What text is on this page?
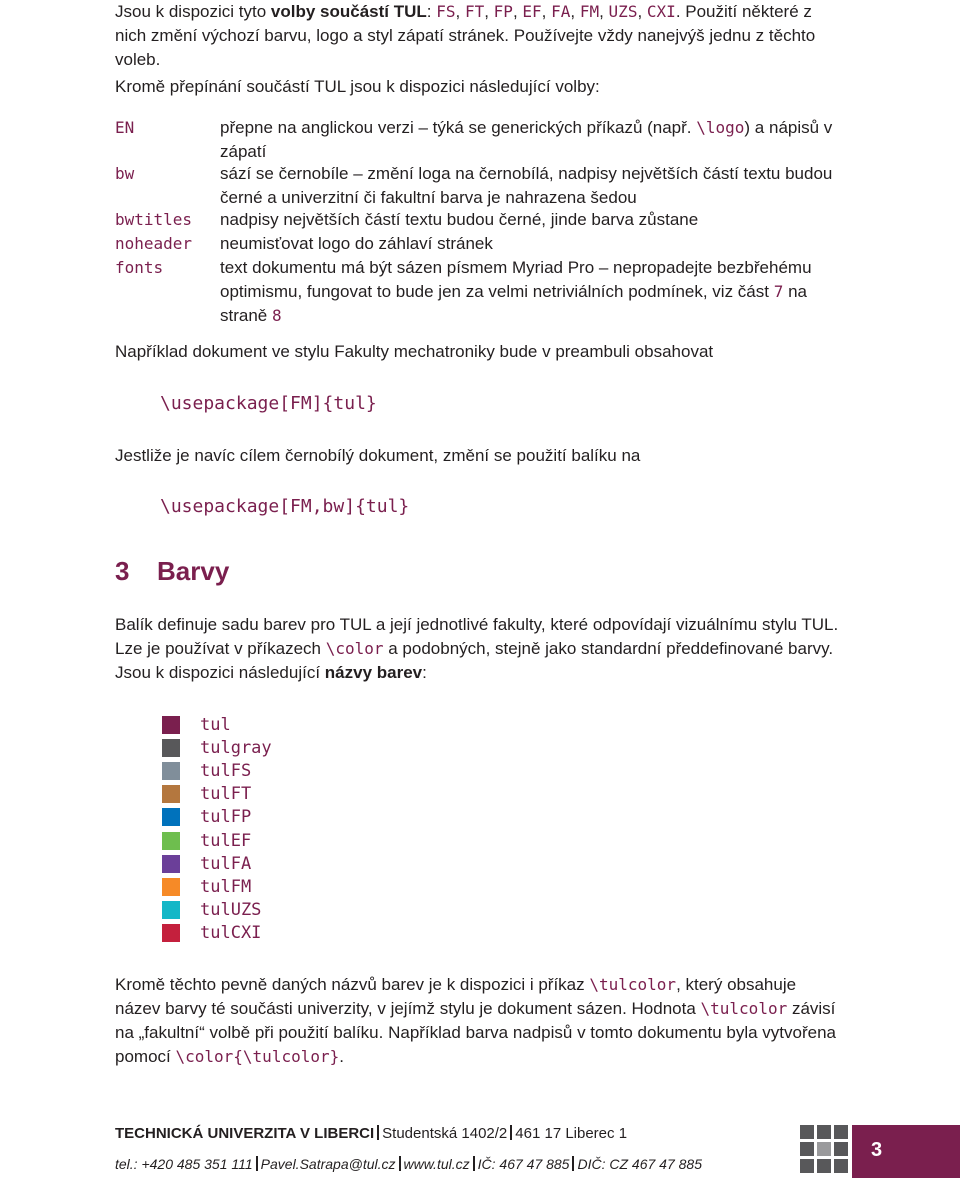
Jsou k dispozici tyto volby součástí TUL: FS, FT, FP, EF, FA, FM, UZS, CXI. Použití některé z nich změní výchozí barvu, logo a styl zápatí stránek. Používejte vždy nanejvýš jednu z těchto voleb.

Kromě přepínání součástí TUL jsou k dispozici následující volby:

EN	přepne na anglickou verzi – týká se generických příkazů (např. \logo) a nápisů v zápatí
bw	sází se černobíle – změní loga na černobílá, nadpisy největších částí textu budou černé a univerzitní či fakultní barva je nahrazena šedou
bwtitles nadpisy největších částí textu budou černé, jinde barva zůstane
noheader neumisťovat logo do záhlaví stránek
fonts	text dokumentu má být sázen písmem Myriad Pro – nepropadejte bezbřehému optimismu, fungovat to bude jen za velmi netriviálních podmínek, viz část 7 na straně 8

Například dokument ve stylu Fakulty mechatroniky bude v preambuli obsahovat

\usepackage[FM]{tul}

Jestliže je navíc cílem černobílý dokument, změní se použití balíku na

\usepackage[FM,bw]{tul}
3 Barvy

Balík definuje sadu barev pro TUL a její jednotlivé fakulty, které odpovídají vizuálnímu stylu TUL. Lze je používat v příkazech \color a podobných, stejně jako standardní předdefinované barvy. Jsou k dispozici následující názvy barev:

tul
tulgray
tulFS
tulFT
tulFP
tulEF
tulFA
tulFM
tulUZS
tulCXI

Kromě těchto pevně daných názvů barev je k dispozici i příkaz \tulcolor, který obsahuje název barvy té součásti univerzity, v jejímž stylu je dokument sázen. Hodnota \tulcolor závisí na „fakultní“ volbě při použití balíku. Například barva nadpisů v tomto dokumentu byla vytvořena pomocí \color{\tulcolor}.

TECHNICKÁ UNIVERZITA V LIBERCI Studentská 1402/2 461 17 Liberec 1
tel.: +420 485 351 111 Pavel.Satrapa@tul.cz www.tul.cz IČ: 467 47 885 DIČ: CZ 467 47 885
3
